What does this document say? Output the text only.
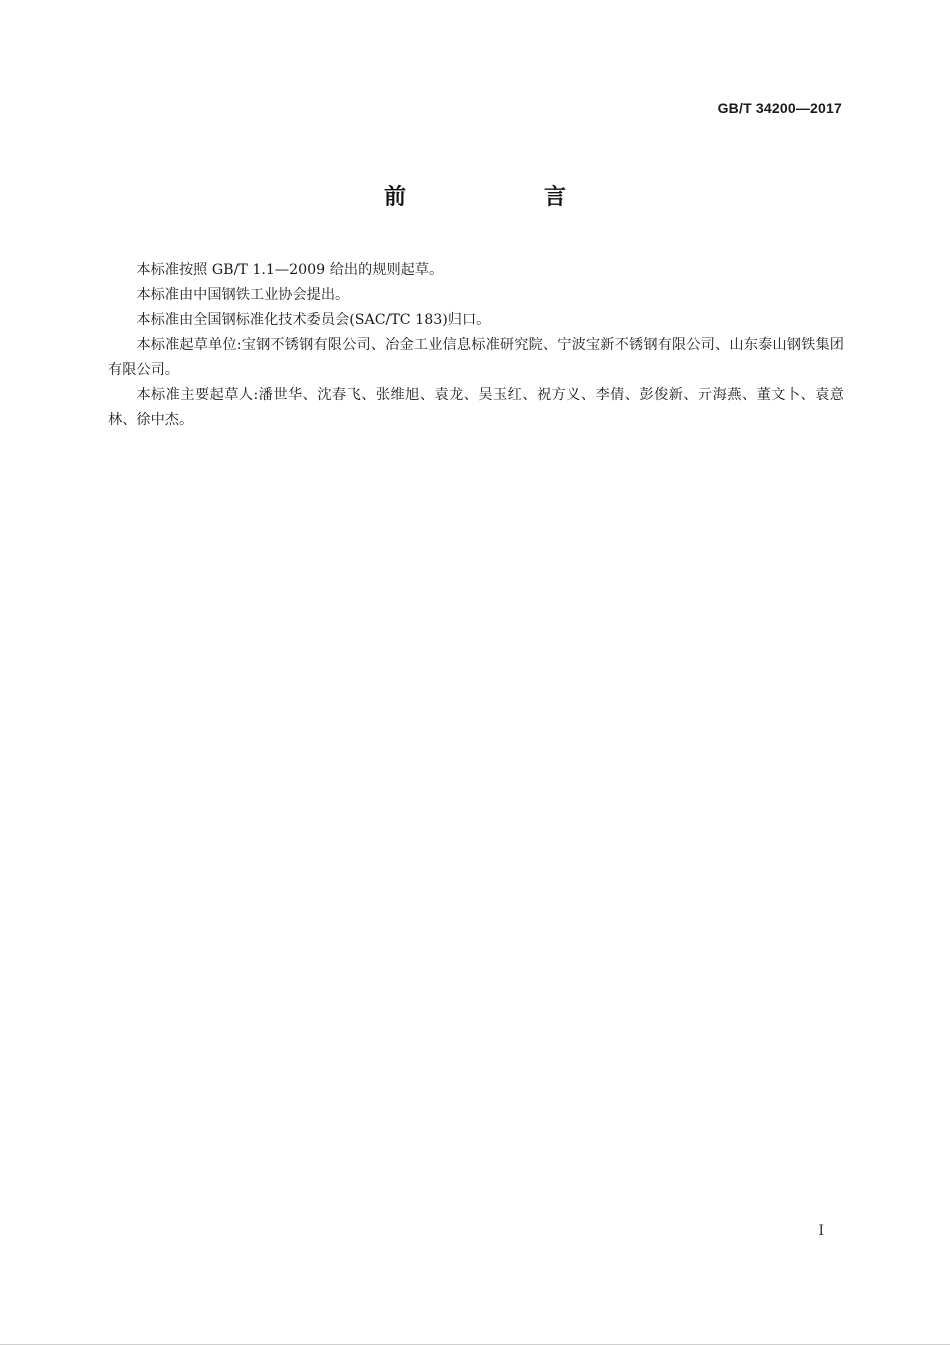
GB/T 34200—2017
前　言

本标准按照 GB/T 1.1—2009 给出的规则起草。

本标准由中国钢铁工业协会提出。

本标准由全国钢标准化技术委员会(SAC/TC 183)归口。

本标准起草单位:宝钢不锈钢有限公司、冶金工业信息标准研究院、宁波宝新不锈钢有限公司、山东泰山钢铁集团有限公司。

本标准主要起草人:潘世华、沈春飞、张维旭、袁龙、吴玉红、祝方义、李倩、彭俊新、亓海燕、董文卜、袁意林、徐中杰。

I
